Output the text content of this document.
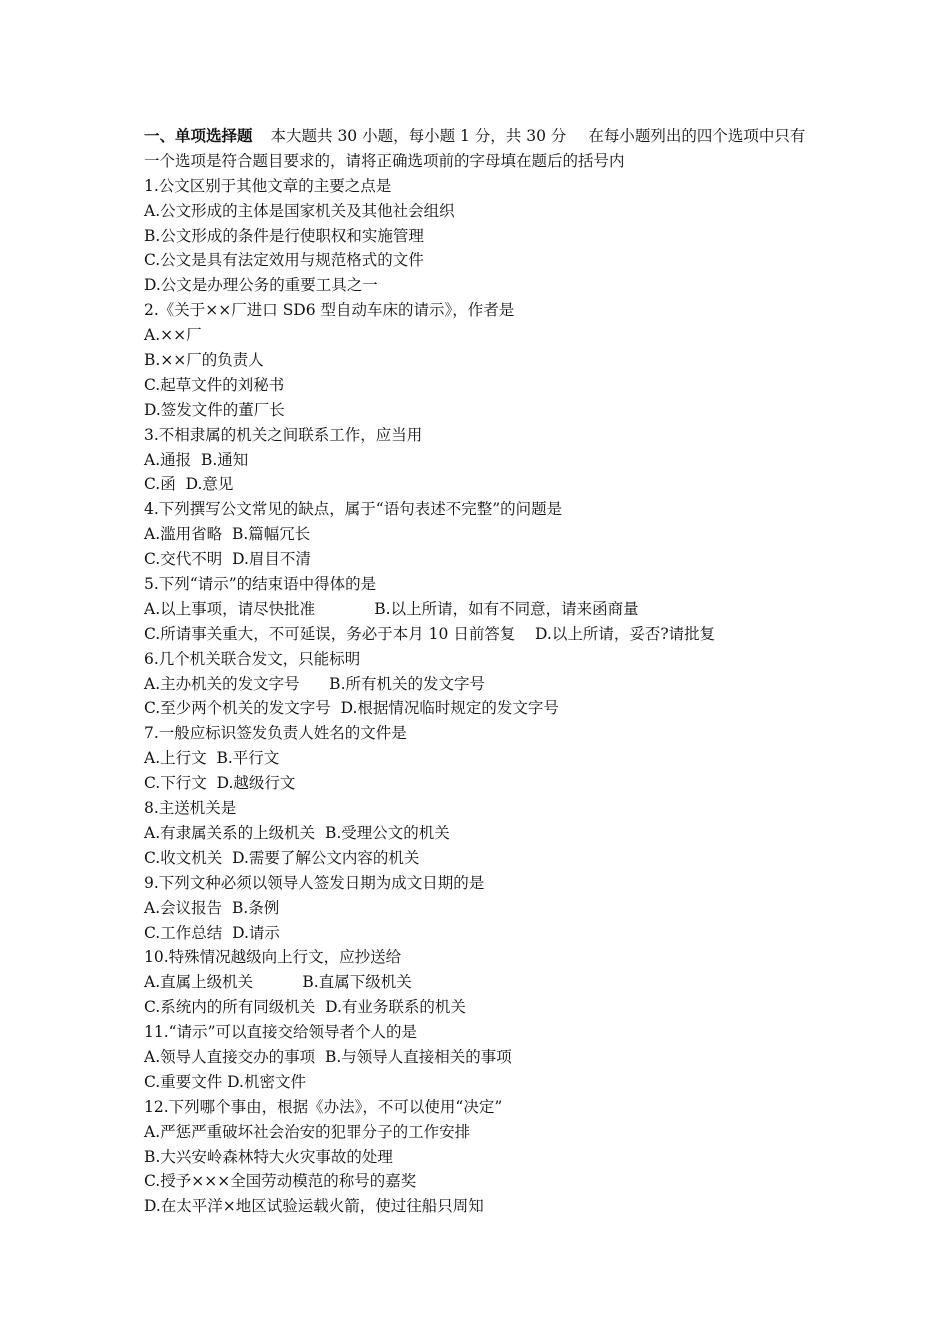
一、单项选择题 本大题共 30 小题，每小题 1 分，共 30 分 在每小题列出的四个选项中只有
一个选项是符合题目要求的，请将正确选项前的字母填在题后的括号内
1.公文区别于其他文章的主要之点是
A.公文形成的主体是国家机关及其他社会组织
B.公文形成的条件是行使职权和实施管理
C.公文是具有法定效用与规范格式的文件
D.公文是办理公务的重要工具之一
2.《关于××厂进口 SD6 型自动车床的请示》，作者是
A.××厂
B.××厂的负责人
C.起草文件的刘秘书
D.签发文件的董厂长
3.不相隶属的机关之间联系工作，应当用
A.通报  B.通知
C.函  D.意见
4.下列撰写公文常见的缺点，属于“语句表述不完整”的问题是
A.滥用省略  B.篇幅冗长
C.交代不明  D.眉目不清
5.下列“请示”的结束语中得体的是
A.以上事项，请尽快批准            B.以上所请，如有不同意，请来函商量
C.所请事关重大，不可延误，务必于本月 10 日前答复    D.以上所请，妥否?请批复
6.几个机关联合发文，只能标明
A.主办机关的发文字号      B.所有机关的发文字号
C.至少两个机关的发文字号  D.根据情况临时规定的发文字号
7.一般应标识签发负责人姓名的文件是
A.上行文  B.平行文
C.下行文  D.越级行文
8.主送机关是
A.有隶属关系的上级机关  B.受理公文的机关
C.收文机关  D.需要了解公文内容的机关
9.下列文种必须以领导人签发日期为成文日期的是
A.会议报告  B.条例
C.工作总结  D.请示
10.特殊情况越级向上行文，应抄送给
A.直属上级机关          B.直属下级机关
C.系统内的所有同级机关  D.有业务联系的机关
11.“请示”可以直接交给领导者个人的是
A.领导人直接交办的事项  B.与领导人直接相关的事项
C.重要文件 D.机密文件
12.下列哪个事由，根据《办法》，不可以使用“决定”
A.严惩严重破坏社会治安的犯罪分子的工作安排
B.大兴安岭森林特大火灾事故的处理
C.授予×××全国劳动模范的称号的嘉奖
D.在太平洋×地区试验运载火箭，使过往船只周知
